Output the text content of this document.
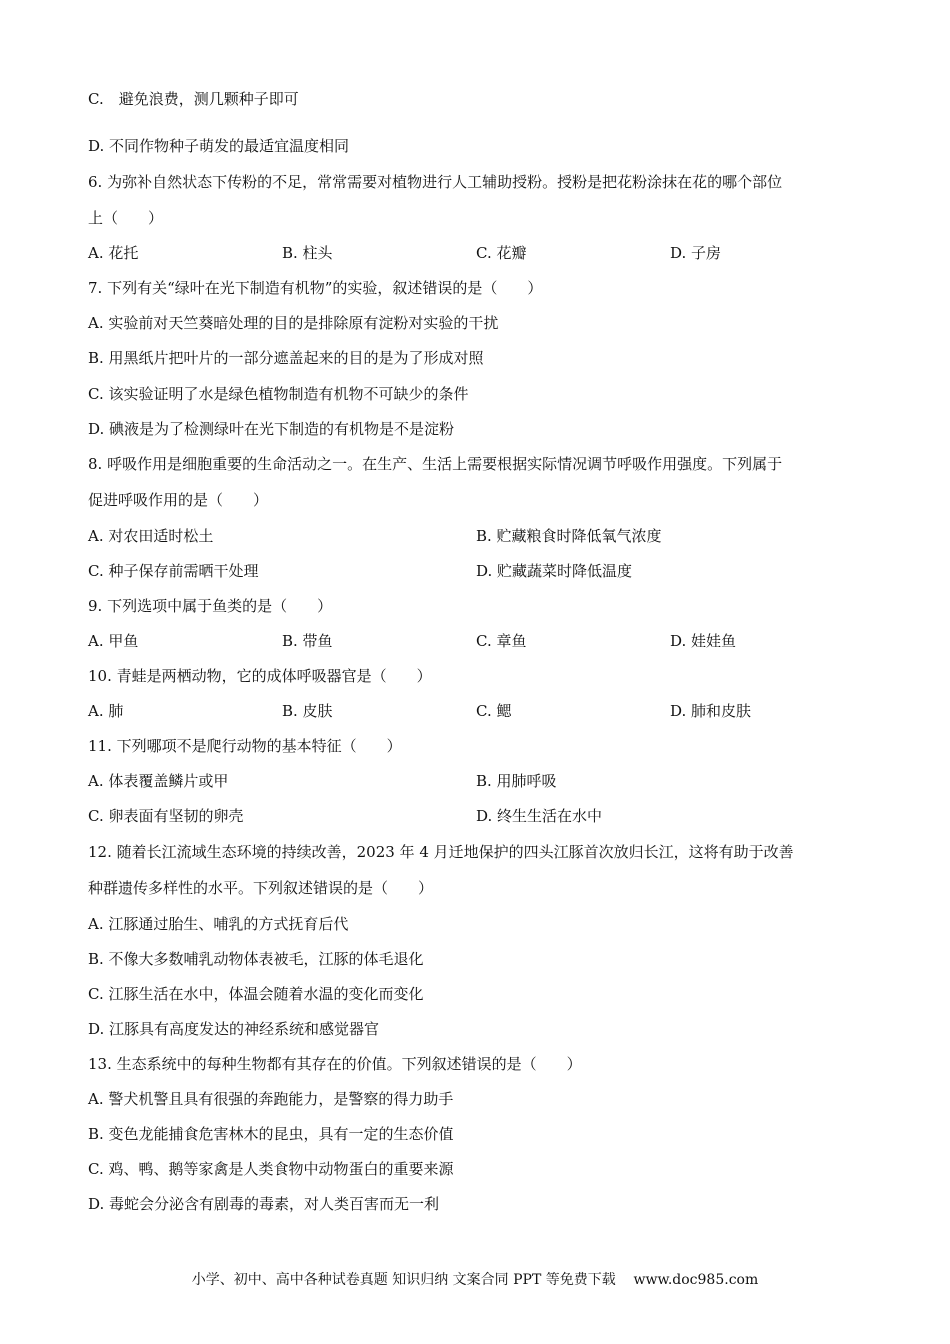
C.　避免浪费，测几颗种子即可
D. 不同作物种子萌发的最适宜温度相同
6. 为弥补自然状态下传粉的不足，常常需要对植物进行人工辅助授粉。授粉是把花粉涂抹在花的哪个部位
上（　　）
A. 花托	B. 柱头	C. 花瓣	D. 子房
7. 下列有关“绿叶在光下制造有机物”的实验，叙述错误的是（　　）
A. 实验前对天竺葵暗处理的目的是排除原有淀粉对实验的干扰
B. 用黑纸片把叶片的一部分遮盖起来的目的是为了形成对照
C. 该实验证明了水是绿色植物制造有机物不可缺少的条件
D. 碘液是为了检测绿叶在光下制造的有机物是不是淀粉
8. 呼吸作用是细胞重要的生命活动之一。在生产、生活上需要根据实际情况调节呼吸作用强度。下列属于
促进呼吸作用的是（　　）
A. 对农田适时松土	B. 贮藏粮食时降低氧气浓度
C. 种子保存前需晒干处理	D. 贮藏蔬菜时降低温度
9. 下列选项中属于鱼类的是（　　）
A. 甲鱼	B. 带鱼	C. 章鱼	D. 娃娃鱼
10. 青蛙是两栖动物，它的成体呼吸器官是（　　）
A. 肺	B. 皮肤	C. 鳃	D. 肺和皮肤
11. 下列哪项不是爬行动物的基本特征（　　）
A. 体表覆盖鳞片或甲	B. 用肺呼吸
C. 卵表面有坚韧的卵壳	D. 终生生活在水中
12. 随着长江流域生态环境的持续改善，2023 年 4 月迁地保护的四头江豚首次放归长江，这将有助于改善
种群遗传多样性的水平。下列叙述错误的是（　　）
A. 江豚通过胎生、哺乳的方式抚育后代
B. 不像大多数哺乳动物体表被毛，江豚的体毛退化
C. 江豚生活在水中，体温会随着水温的变化而变化
D. 江豚具有高度发达的神经系统和感觉器官
13. 生态系统中的每种生物都有其存在的价值。下列叙述错误的是（　　）
A. 警犬机警且具有很强的奔跑能力，是警察的得力助手
B. 变色龙能捕食危害林木的昆虫，具有一定的生态价值
C. 鸡、鸭、鹅等家禽是人类食物中动物蛋白的重要来源
D. 毒蛇会分泌含有剧毒的毒素，对人类百害而无一利
小学、初中、高中各种试卷真题 知识归纳 文案合同 PPT 等免费下载 www.doc985.com
